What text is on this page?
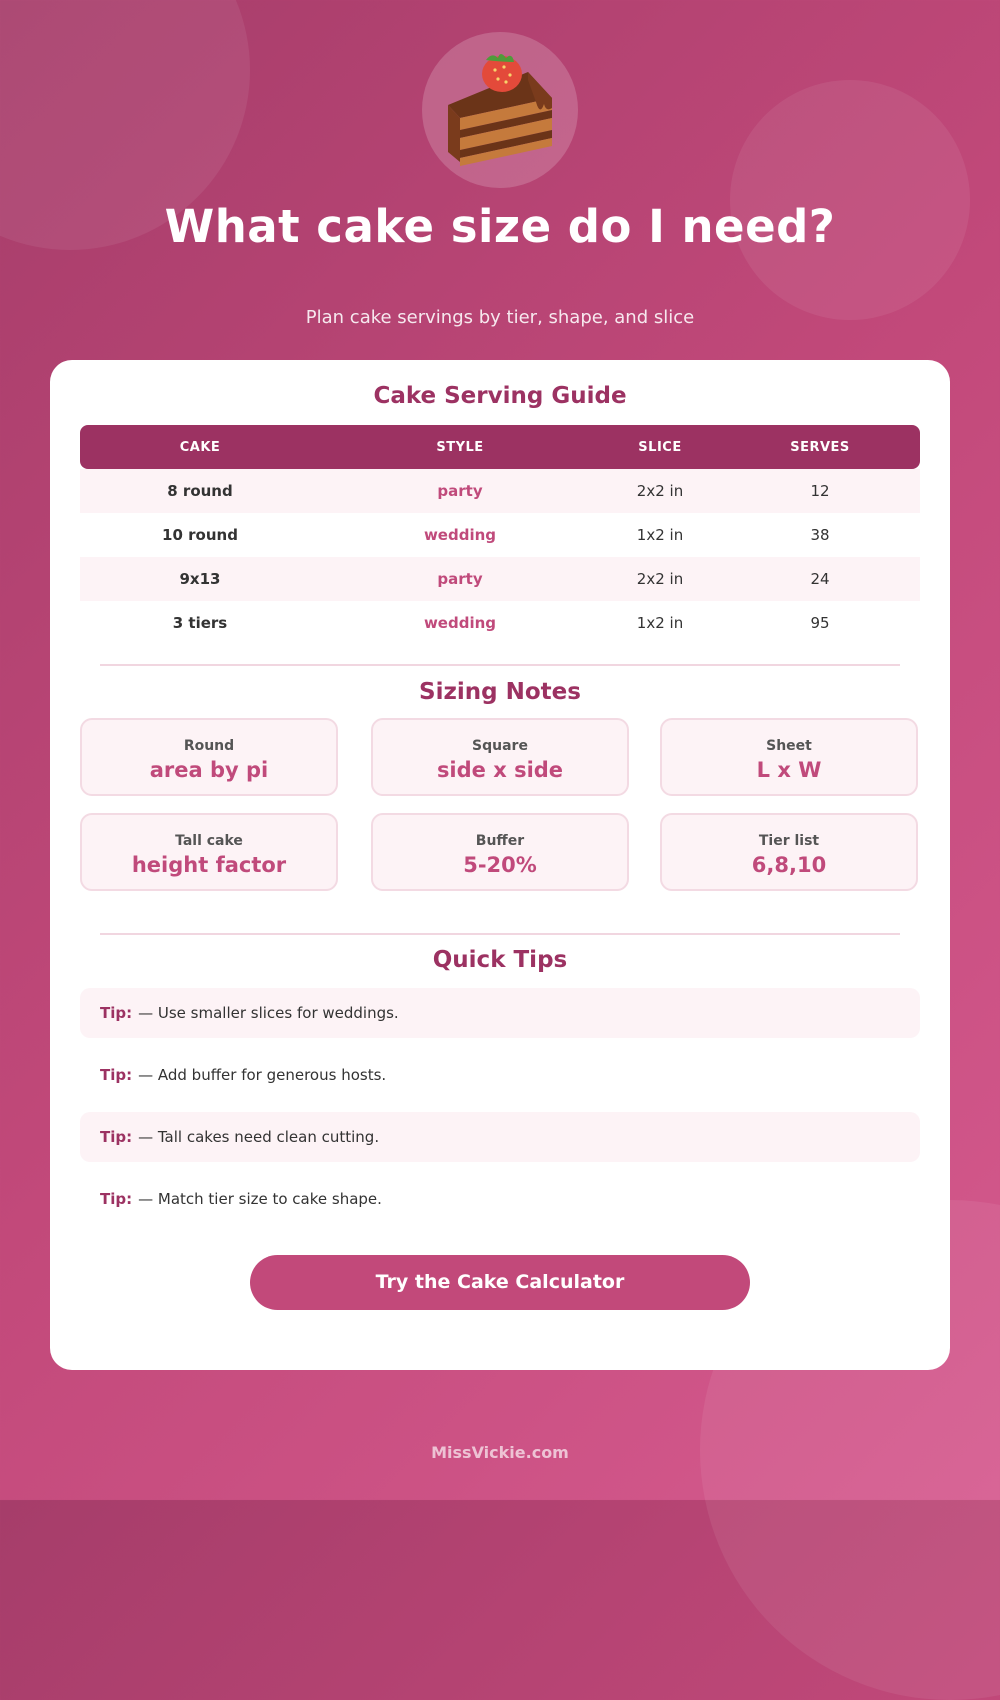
What cake size do I need?
Plan cake servings by tier, shape, and slice
Cake Serving Guide
CAKE	STYLE	SLICE	SERVES
8 round	party	2x2 in	12
10 round	wedding	1x2 in	38
9x13	party	2x2 in	24
3 tiers	wedding	1x2 in	95
Sizing Notes
Round
area by pi
Square
side x side
Sheet
L x W
Tall cake
height factor
Buffer
5-20%
Tier list
6,8,10
Quick Tips
Tip: — Use smaller slices for weddings.
Tip: — Add buffer for generous hosts.
Tip: — Tall cakes need clean cutting.
Tip: — Match tier size to cake shape.
Try the Cake Calculator
MissVickie.com
